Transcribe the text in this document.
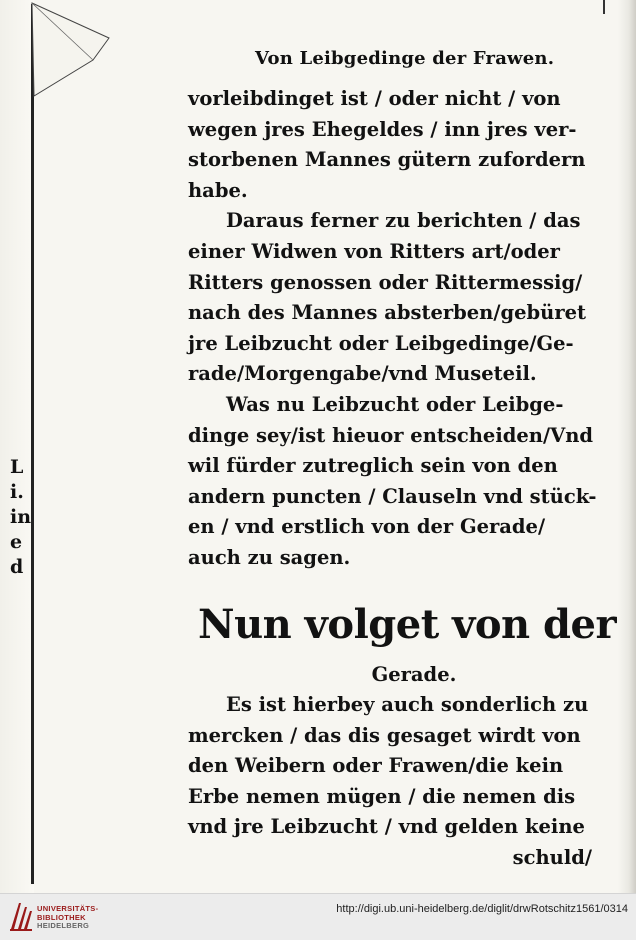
L
i.
in
e
d
Von Leibgedinge der Frawen.
vorleibdinget ist / oder nicht / von
wegen jres Ehegeldes / inn jres ver-
storbenen Mannes gütern zufordern
habe.
Daraus ferner zu berichten / das
einer Widwen von Ritters art/oder
Ritters genossen oder Rittermessig/
nach des Mannes absterben/gebüret
jre Leibzucht oder Leibgedinge/Ge-
rade/Morgengabe/vnd Museteil.
Was nu Leibzucht oder Leibge-
dinge sey/ist hieuor entscheiden/Vnd
wil fürder zutreglich sein von den
andern puncten / Clauseln vnd stück-
en / vnd erstlich von der Gerade/
auch zu sagen.
Nun volget von der
Gerade.
Es ist hierbey auch sonderlich zu
mercken / das dis gesaget wirdt von
den Weibern oder Frawen/die kein
Erbe nemen mügen / die nemen dis
vnd jre Leibzucht / vnd gelden keine
schuld/
UNIVERSITÄTS-
BIBLIOTHEK
HEIDELBERG
http://digi.ub.uni-heidelberg.de/diglit/drwRotschitz1561/0314
